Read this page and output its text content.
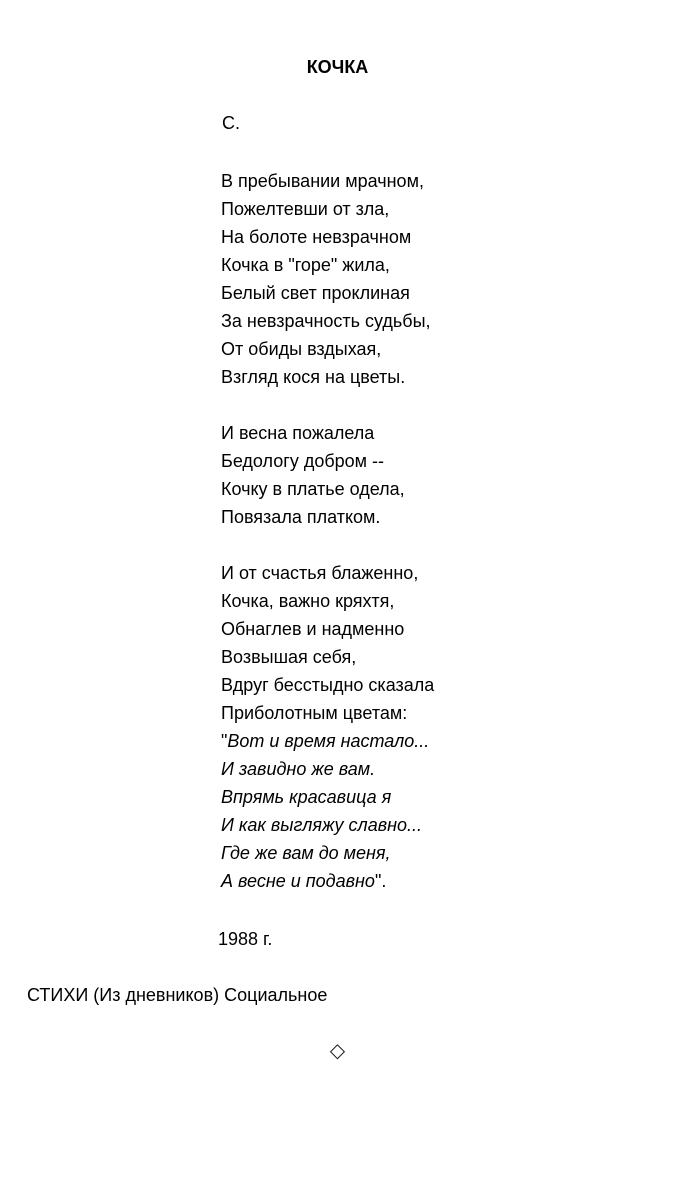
КОЧКА
С.
В пребывании мрачном,
Пожелтевши от зла,
На болоте невзрачном
Кочка в "горе" жила,
Белый свет проклиная
За невзрачность судьбы,
От обиды вздыхая,
Взгляд кося на цветы.
И весна пожалела
Бедологу добром --
Кочку в платье одела,
Повязала платком.
И от счастья блаженно,
Кочка, важно кряхтя,
Обнаглев и надменно
Возвышая себя,
Вдруг бесстыдно сказала
Приболотным цветам:
"Вот и время настало...
И завидно же вам.
Впрямь красавица я
И как выгляжу славно...
Где же вам до меня,
А весне и подавно".
1988 г.
СТИХИ (Из дневников) Социальное
◇
